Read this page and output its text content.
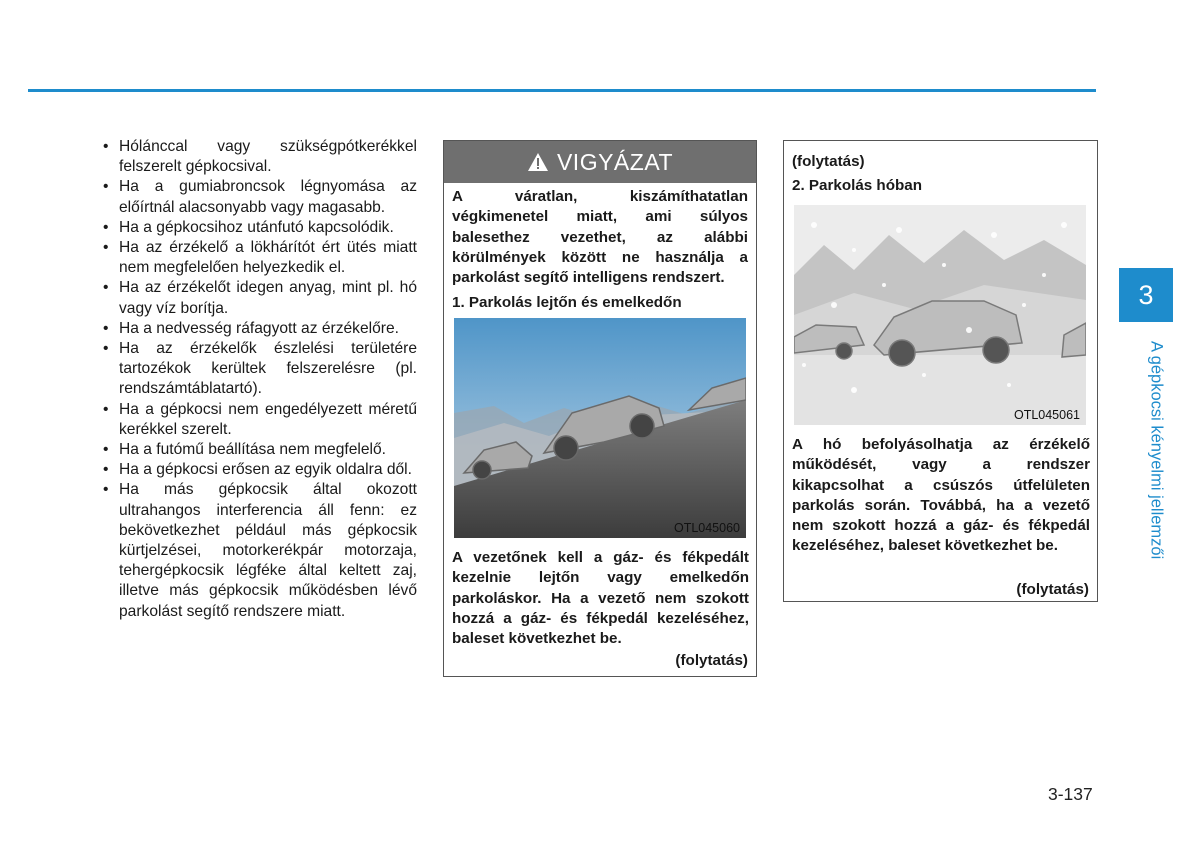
• Hólánccal vagy szükségpótkerékkel felszerelt gépkocsival.
• Ha a gumiabroncsok légnyomása az előírtnál alacsonyabb vagy magasabb.
• Ha a gépkocsihoz utánfutó kapcsolódik.
• Ha az érzékelő a lökhárítót ért ütés miatt nem megfelelően helyezkedik el.
• Ha az érzékelőt idegen anyag, mint pl. hó vagy víz borítja.
• Ha a nedvesség ráfagyott az érzékelőre.
• Ha az érzékelők észlelési területére tartozékok kerültek felszerelésre (pl. rendszámtáblatartó).
• Ha a gépkocsi nem engedélyezett méretű kerékkel szerelt.
• Ha a futómű beállítása nem megfelelő.
• Ha a gépkocsi erősen az egyik oldalra dől.
• Ha más gépkocsik által okozott ultrahangos interferencia áll fenn: ez bekövetkezhet például más gépkocsik kürtjelzései, motorkerékpár motorzaja, tehergépkocsik légféke által keltett zaj, illetve más gépkocsik működésben lévő parkolást segítő rendszere miatt.
VIGYÁZAT

A váratlan, kiszámíthatatlan végkimenetel miatt, ami súlyos balesethez vezethet, az alábbi körülmények között ne használja a parkolást segítő intelligens rendszert.

1. Parkolás lejtőn és emelkedőn

OTL045060

A vezetőnek kell a gáz- és fékpedált kezelnie lejtőn vagy emelkedőn parkoláskor. Ha a vezető nem szokott hozzá a gáz- és fékpedál kezeléséhez, baleset következhet be.

(folytatás)

(folytatás)

2. Parkolás hóban

OTL045061

A hó befolyásolhatja az érzékelő működését, vagy a rendszer kikapcsolhat a csúszós útfelületen parkolás során. Továbbá, ha a vezető nem szokott hozzá a gáz- és fékpedál kezeléséhez, baleset következhet be.

(folytatás)

3
A gépkocsi kényelmi jellemzői
3-137
